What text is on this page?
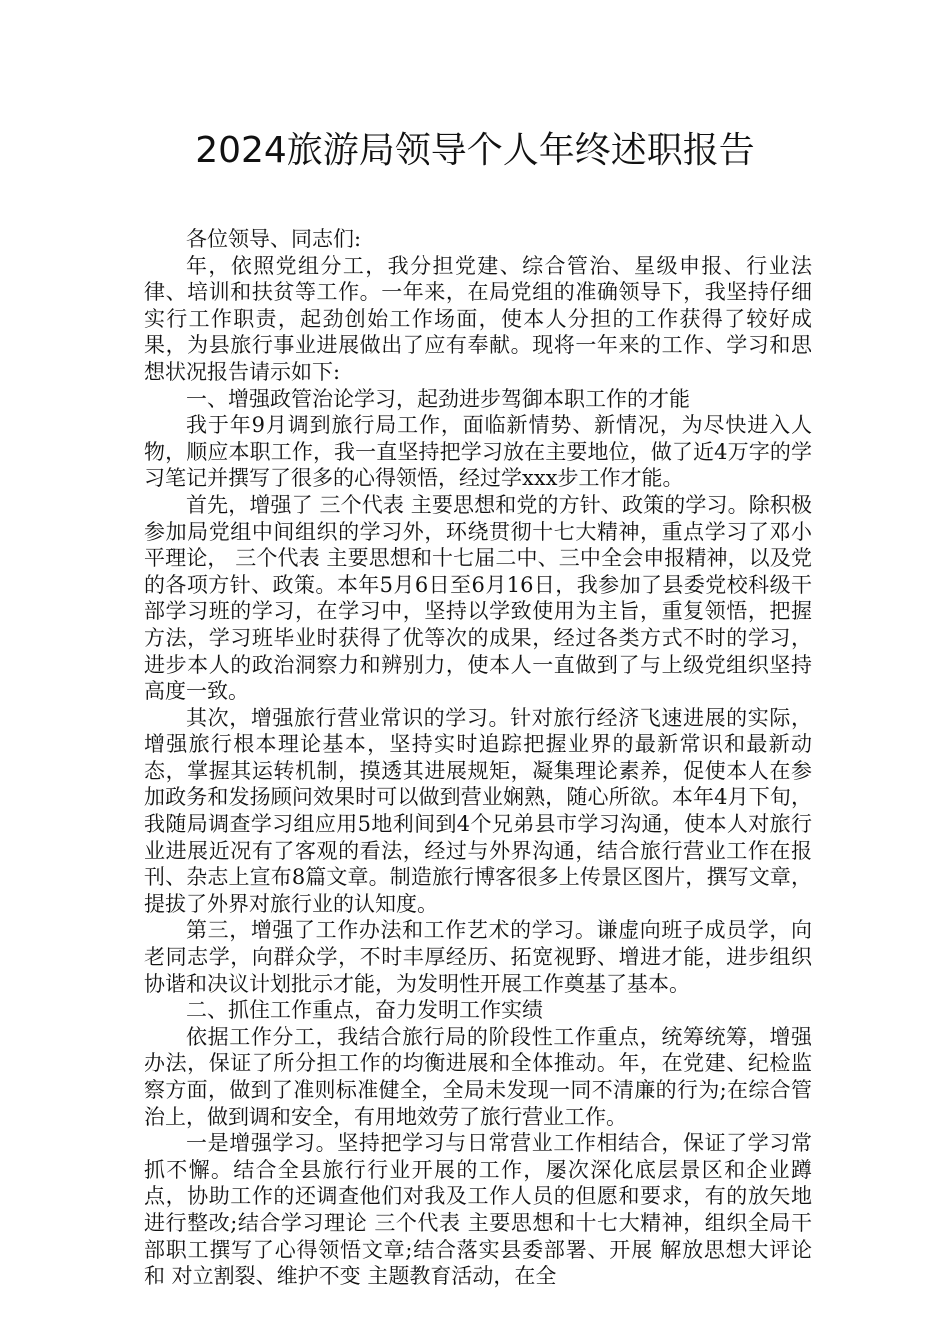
2024旅游局领导个人年终述职报告

各位领导、同志们:

年，依照党组分工，我分担党建、综合管治、星级申报、行业法律、培训和扶贫等工作。一年来，在局党组的准确领导下，我坚持仔细实行工作职责，起劲创始工作场面，使本人分担的工作获得了较好成果，为县旅行事业进展做出了应有奉献。现将一年来的工作、学习和思想状况报告请示如下:

一、增强政管治论学习，起劲进步驾御本职工作的才能

我于年9月调到旅行局工作，面临新情势、新情况，为尽快进入人物，顺应本职工作，我一直坚持把学习放在主要地位，做了近4万字的学习笔记并撰写了很多的心得领悟，经过学xxx步工作才能。

首先，增强了 三个代表 主要思想和党的方针、政策的学习。除积极参加局党组中间组织的学习外，环绕贯彻十七大精神，重点学习了邓小平理论， 三个代表 主要思想和十七届二中、三中全会申报精神，以及党的各项方针、政策。本年5月6日至6月16日，我参加了县委党校科级干部学习班的学习，在学习中，坚持以学致使用为主旨，重复领悟，把握方法，学习班毕业时获得了优等次的成果，经过各类方式不时的学习，进步本人的政治洞察力和辨别力，使本人一直做到了与上级党组织坚持高度一致。

其次，增强旅行营业常识的学习。针对旅行经济飞速进展的实际，增强旅行根本理论基本，坚持实时追踪把握业界的最新常识和最新动态，掌握其运转机制，摸透其进展规矩，凝集理论素养，促使本人在参加政务和发扬顾问效果时可以做到营业娴熟，随心所欲。本年4月下旬，我随局调查学习组应用5地利间到4个兄弟县市学习沟通，使本人对旅行业进展近况有了客观的看法，经过与外界沟通，结合旅行营业工作在报刊、杂志上宣布8篇文章。制造旅行博客很多上传景区图片，撰写文章，提拔了外界对旅行业的认知度。

第三，增强了工作办法和工作艺术的学习。谦虚向班子成员学，向老同志学，向群众学，不时丰厚经历、拓宽视野、增进才能，进步组织协谐和决议计划批示才能，为发明性开展工作奠基了基本。

二、抓住工作重点，奋力发明工作实绩

依据工作分工，我结合旅行局的阶段性工作重点，统筹统筹，增强办法，保证了所分担工作的均衡进展和全体推动。年，在党建、纪检监察方面，做到了准则标准健全，全局未发现一同不清廉的行为;在综合管治上，做到调和安全，有用地效劳了旅行营业工作。

一是增强学习。坚持把学习与日常营业工作相结合，保证了学习常抓不懈。结合全县旅行行业开展的工作，屡次深化底层景区和企业蹲点，协助工作的还调查他们对我及工作人员的但愿和要求，有的放矢地进行整改;结合学习理论 三个代表 主要思想和十七大精神，组织全局干部职工撰写了心得领悟文章;结合落实县委部署、开展 解放思想大评论 和 对立割裂、维护不变 主题教育活动，在全
